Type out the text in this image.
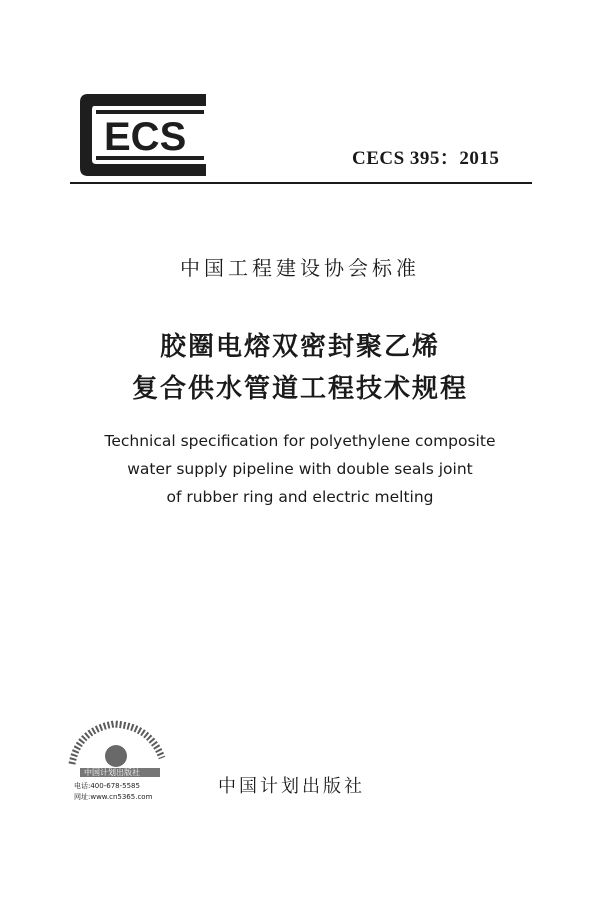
ECS	CECS 395：2015
中国工程建设协会标准
胶圈电熔双密封聚乙烯
复合供水管道工程技术规程
Technical specification for polyethylene composite
water supply pipeline with double seals joint
of rubber ring and electric melting
中国计划出版社
电话:400-678-5585
网址:www.cn5365.com	中国计划出版社
